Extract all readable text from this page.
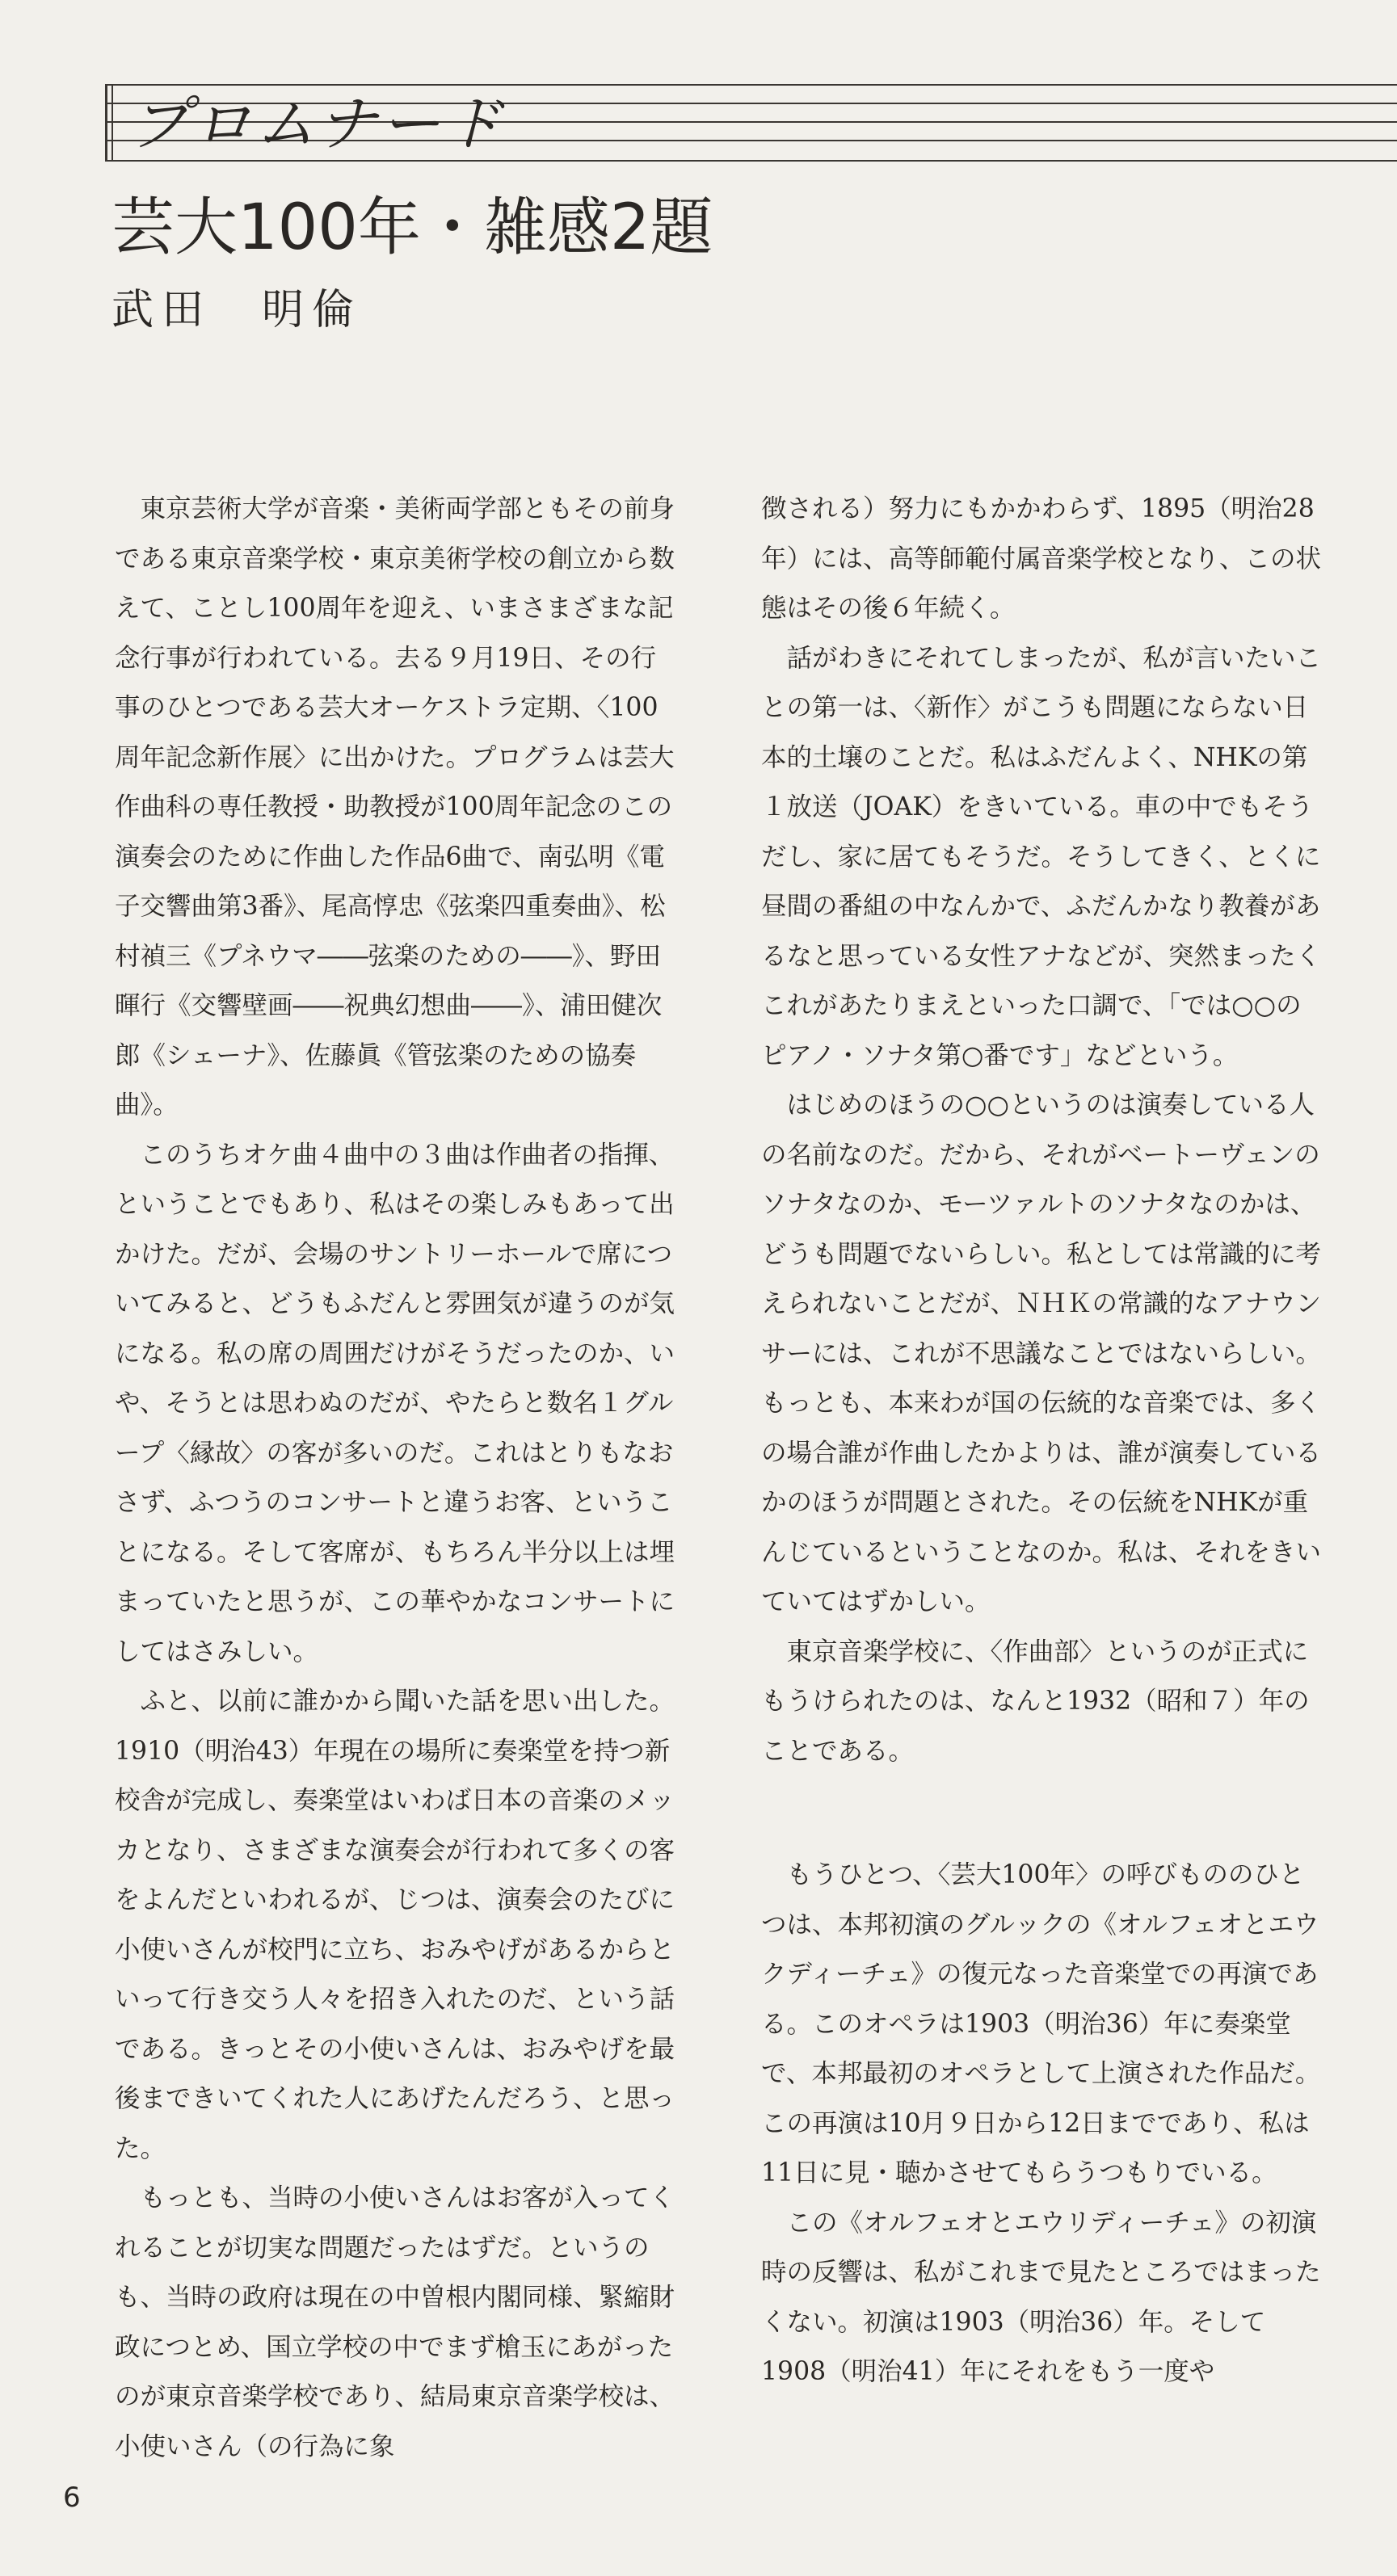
プロムナード
芸大100年・雑感2題
武田　明倫

東京芸術大学が音楽・美術両学部ともその前身である東京音楽学校・東京美術学校の創立から数えて、ことし100周年を迎え、いまさまざまな記念行事が行われている。去る９月19日、その行事のひとつである芸大オーケストラ定期、〈100周年記念新作展〉に出かけた。プログラムは芸大作曲科の専任教授・助教授が100周年記念のこの演奏会のために作曲した作品6曲で、南弘明《電子交響曲第3番》、尾高惇忠《弦楽四重奏曲》、松村禎三《プネウマ――弦楽のための――》、野田暉行《交響壁画――祝典幻想曲――》、浦田健次郎《シェーナ》、佐藤眞《管弦楽のための協奏曲》。

このうちオケ曲４曲中の３曲は作曲者の指揮、ということでもあり、私はその楽しみもあって出かけた。だが、会場のサントリーホールで席についてみると、どうもふだんと雰囲気が違うのが気になる。私の席の周囲だけがそうだったのか、いや、そうとは思わぬのだが、やたらと数名１グループ〈縁故〉の客が多いのだ。これはとりもなおさず、ふつうのコンサートと違うお客、ということになる。そして客席が、もちろん半分以上は埋まっていたと思うが、この華やかなコンサートにしてはさみしい。

ふと、以前に誰かから聞いた話を思い出した。1910（明治43）年現在の場所に奏楽堂を持つ新校舎が完成し、奏楽堂はいわば日本の音楽のメッカとなり、さまざまな演奏会が行われて多くの客をよんだといわれるが、じつは、演奏会のたびに小使いさんが校門に立ち、おみやげがあるからといって行き交う人々を招き入れたのだ、という話である。きっとその小使いさんは、おみやげを最後まできいてくれた人にあげたんだろう、と思った。

もっとも、当時の小使いさんはお客が入ってくれることが切実な問題だったはずだ。というのも、当時の政府は現在の中曽根内閣同様、緊縮財政につとめ、国立学校の中でまず槍玉にあがったのが東京音楽学校であり、結局東京音楽学校は、小使いさん（の行為に象

徴される）努力にもかかわらず、1895（明治28年）には、高等師範付属音楽学校となり、この状態はその後６年続く。

話がわきにそれてしまったが、私が言いたいことの第一は、〈新作〉がこうも問題にならない日本的土壌のことだ。私はふだんよく、NHKの第１放送（JOAK）をきいている。車の中でもそうだし、家に居てもそうだ。そうしてきく、とくに昼間の番組の中なんかで、ふだんかなり教養があるなと思っている女性アナなどが、突然まったくこれがあたりまえといった口調で、「では○○のピアノ・ソナタ第○番です」などという。

はじめのほうの○○というのは演奏している人の名前なのだ。だから、それがベートーヴェンのソナタなのか、モーツァルトのソナタなのかは、どうも問題でないらしい。私としては常識的に考えられないことだが、ＮＨＫの常識的なアナウンサーには、これが不思議なことではないらしい。もっとも、本来わが国の伝統的な音楽では、多くの場合誰が作曲したかよりは、誰が演奏しているかのほうが問題とされた。その伝統をNHKが重んじているということなのか。私は、それをきいていてはずかしい。

東京音楽学校に、〈作曲部〉というのが正式にもうけられたのは、なんと1932（昭和７）年のことである。

もうひとつ、〈芸大100年〉の呼びもののひとつは、本邦初演のグルックの《オルフェオとエウクディーチェ》の復元なった音楽堂での再演である。このオペラは1903（明治36）年に奏楽堂で、本邦最初のオペラとして上演された作品だ。この再演は10月９日から12日までであり、私は11日に見・聴かさせてもらうつもりでいる。

この《オルフェオとエウリディーチェ》の初演時の反響は、私がこれまで見たところではまったくない。初演は1903（明治36）年。そして1908（明治41）年にそれをもう一度や

6
